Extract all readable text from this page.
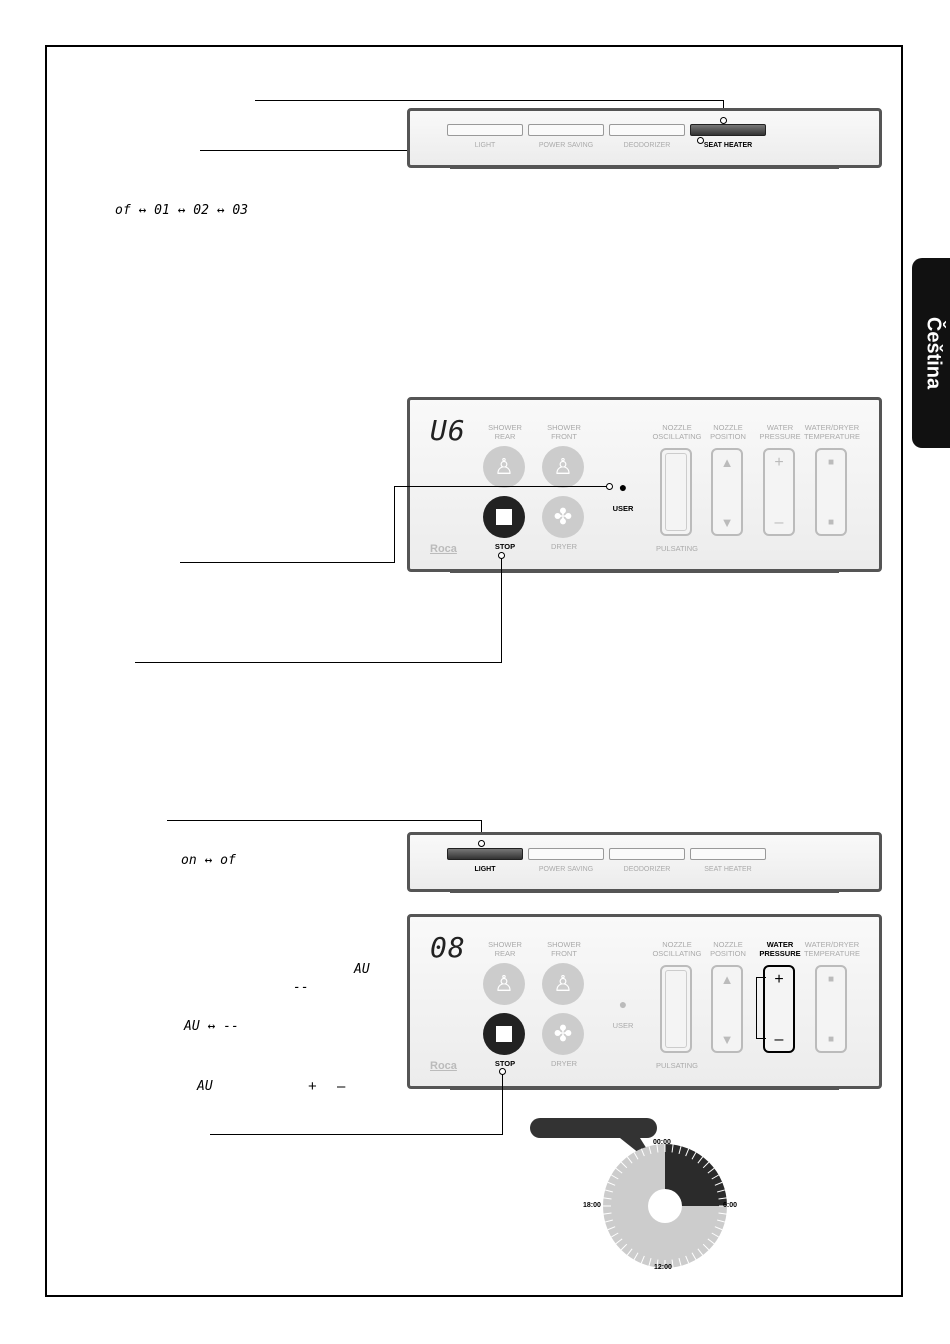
Čeština
LIGHT	POWER SAVING	DEODORIZER	SEAT HEATER
of ↔ 01 ↔ 02 ↔ 03
U6	SHOWER
REAR
SHOWER
FRONT
♙	♙
✤
STOP	DRYER
●
USER
Roca
NOZZLE
OSCILLATING
NOZZLE
POSITION
WATER
PRESSURE
WATER/DRYER
TEMPERATURE
▲
▼
+
–
■
■
PULSATING
LIGHT	POWER SAVING	DEODORIZER	SEAT HEATER
on ↔ of
AU
--
AU ↔ --
AU	+ –
08	SHOWER
REAR
SHOWER
FRONT
♙	♙
✤
STOP	DRYER
●
USER
Roca
NOZZLE
OSCILLATING
NOZZLE
POSITION
WATER
PRESSURE
WATER/DRYER
TEMPERATURE
▲
▼
+
–
■
■
PULSATING
00:00
6:00
12:00
18:00
